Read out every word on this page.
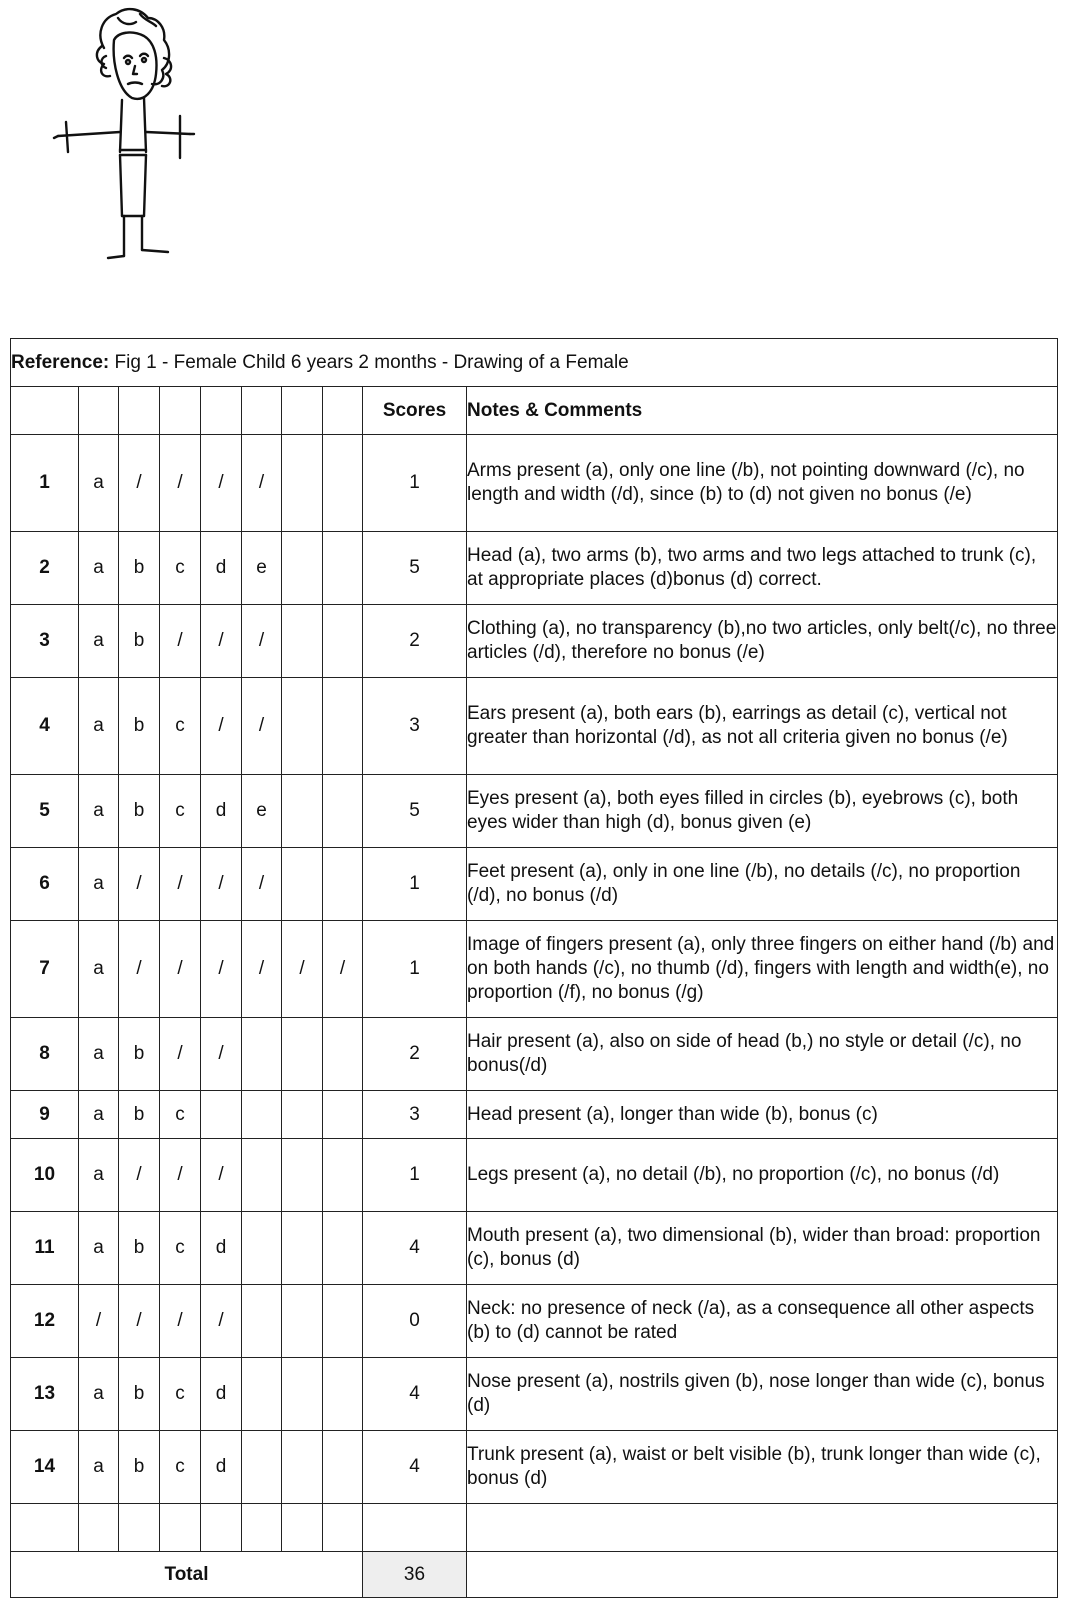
Reference: Fig 1 - Female Child 6 years 2 months - Drawing of a Female									
								Scores	Notes & Comments
1	a	/	/	/	/			1	Arms present (a), only one line (/b), not pointing downward (/c), no length and width (/d), since (b) to (d) not given no bonus (/e)
2	a	b	c	d	e			5	Head (a), two arms (b), two arms and two legs attached to trunk (c), at appropriate places (d)bonus (d) correct.
3	a	b	/	/	/			2	Clothing (a), no transparency (b),no two articles, only belt(/c), no three articles (/d), therefore no bonus (/e)
4	a	b	c	/	/			3	Ears present (a), both ears (b), earrings as detail (c), vertical not greater than horizontal (/d), as not all criteria given no bonus (/e)
5	a	b	c	d	e			5	Eyes present (a), both eyes filled in circles (b), eyebrows (c), both eyes wider than high (d), bonus given (e)
6	a	/	/	/	/			1	Feet present (a), only in one line (/b), no details (/c), no proportion (/d), no bonus (/d)
7	a	/	/	/	/	/	/	1	Image of fingers present (a), only three fingers on either hand (/b) and on both hands (/c), no thumb (/d), fingers with length and width(e), no proportion (/f), no bonus (/g)
8	a	b	/	/				2	Hair present (a), also on side of head (b,) no style or detail (/c), no bonus(/d)
9	a	b	c					3	Head present (a), longer than wide (b), bonus (c)
10	a	/	/	/				1	Legs present (a), no detail (/b), no proportion (/c), no bonus (/d)
11	a	b	c	d				4	Mouth present (a), two dimensional (b), wider than broad: proportion (c), bonus (d)
12	/	/	/	/				0	Neck: no presence of neck (/a), as a consequence all other aspects (b) to (d) cannot be rated
13	a	b	c	d				4	Nose present (a), nostrils given (b), nose longer than wide (c), bonus (d)
14	a	b	c	d				4	Trunk present (a), waist or belt visible (b), trunk longer than wide (c), bonus (d)

Total								36	
